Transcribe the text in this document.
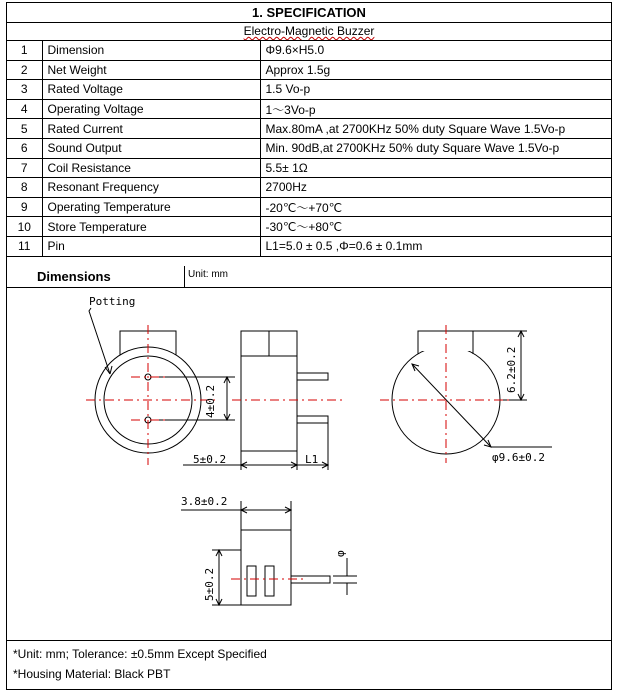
1. SPECIFICATION
Electro-Magnetic Buzzer
1	Dimension	Φ9.6×H5.0
2	Net Weight	Approx 1.5g
3	Rated Voltage	1.5 Vo-p
4	Operating Voltage	1～3Vo-p
5	Rated Current	Max.80mA ,at 2700KHz 50% duty Square Wave 1.5Vo-p
6	Sound Output	Min. 90dB,at 2700KHz 50% duty Square Wave 1.5Vo-p
7	Coil Resistance	5.5± 1Ω
8	Resonant Frequency	2700Hz
9	Operating Temperature	-20℃～+70℃
10	Store Temperature	-30℃～+80℃
11	Pin	L1=5.0 ± 0.5 ,Φ=0.6 ± 0.1mm
Dimensions	Unit: mm
Potting
4±0.2
5±0.2	L1
6.2±0.2
φ9.6±0.2
3.8±0.2
5±0.2
φ
*Unit: mm; Tolerance: ±0.5mm Except Specified
*Housing Material: Black PBT
